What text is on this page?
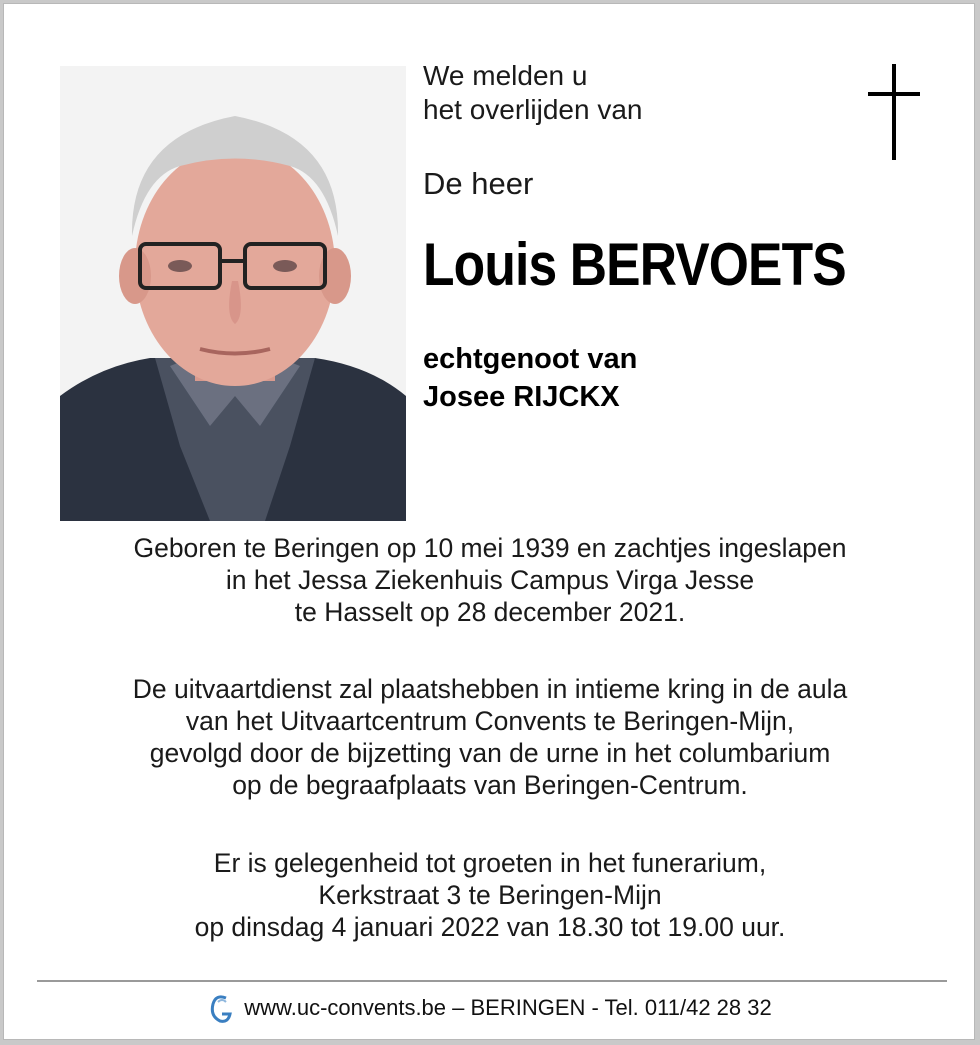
We melden u
het overlijden van
De heer
Louis BERVOETS
echtgenoot van
Josee RIJCKX
Geboren te Beringen op 10 mei 1939 en zachtjes ingeslapen
in het Jessa Ziekenhuis Campus Virga Jesse
te Hasselt op 28 december 2021.
De uitvaartdienst zal plaatshebben in intieme kring in de aula
van het Uitvaartcentrum Convents te Beringen-Mijn,
gevolgd door de bijzetting van de urne in het columbarium
op de begraafplaats van Beringen-Centrum.
Er is gelegenheid tot groeten in het funerarium,
Kerkstraat 3 te Beringen-Mijn
op dinsdag 4 januari 2022 van 18.30 tot 19.00 uur.
www.uc-convents.be – BERINGEN - Tel. 011/42 28 32
